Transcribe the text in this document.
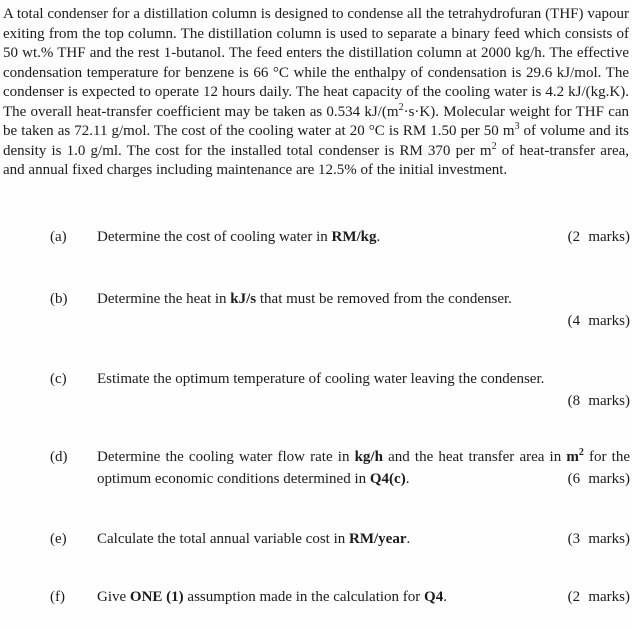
A total condenser for a distillation column is designed to condense all the tetrahydrofuran (THF) vapour exiting from the top column. The distillation column is used to separate a binary feed which consists of 50 wt.% THF and the rest 1-butanol. The feed enters the distillation column at 2000 kg/h. The effective condensation temperature for benzene is 66 °C while the enthalpy of condensation is 29.6 kJ/mol. The condenser is expected to operate 12 hours daily. The heat capacity of the cooling water is 4.2 kJ/(kg.K). The overall heat-transfer coefficient may be taken as 0.534 $kJ/(m^2\cdot s\cdot K)$. Molecular weight for THF can be taken as 72.11 g/mol. The cost of the cooling water at 20 °C is RM 1.50 per 50 $m^3$ of volume and its density is 1.0 g/ml. The cost for the installed total condenser is RM 370 per $m^2$ of heat-transfer area, and annual fixed charges including maintenance are 12.5% of the initial investment.

(a)	Determine the cost of cooling water in RM/kg.	(2 marks)
(b)	Determine the heat in kJ/s that must be removed from the condenser.
(4 marks)
(c)	Estimate the optimum temperature of cooling water leaving the condenser.
(8 marks)
(d)	Determine the cooling water flow rate in kg/h and the heat transfer area in $m^2$ for the optimum economic conditions determined in Q4(c).	(6 marks)
(e)	Calculate the total annual variable cost in RM/year.	(3 marks)
(f)	Give ONE (1) assumption made in the calculation for Q4.	(2 marks)
